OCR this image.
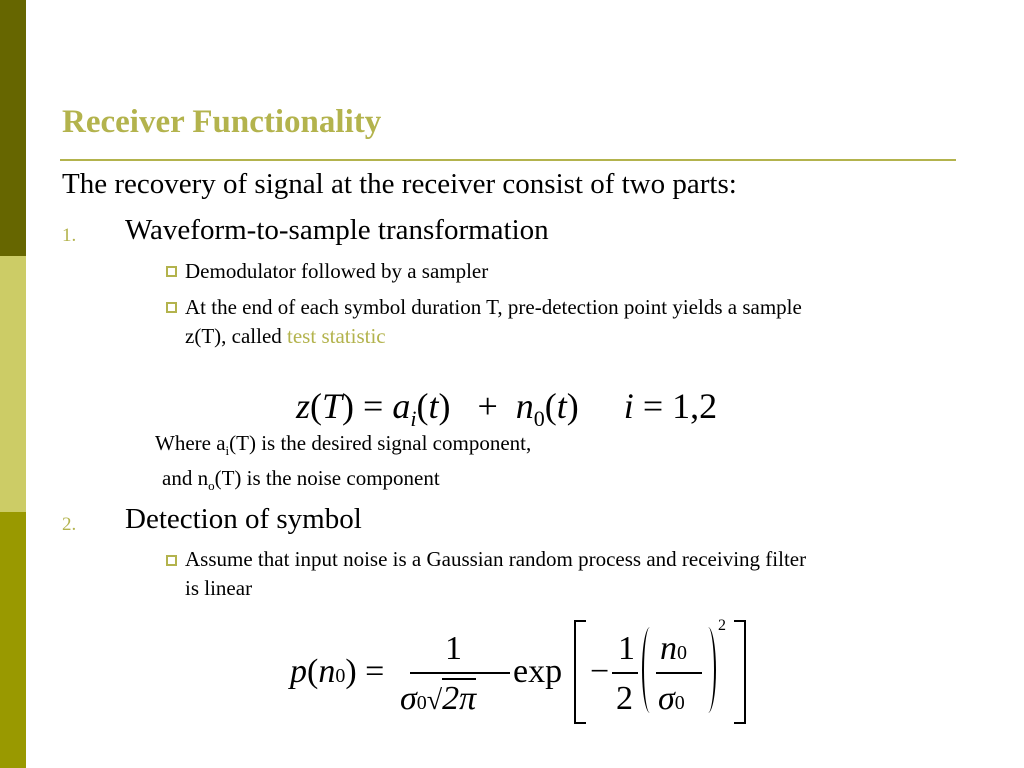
Receiver Functionality
The recovery of signal at the receiver consist of two parts:
1. Waveform-to-sample transformation
Demodulator followed by a sampler
At the end of each symbol duration T, pre-detection point yields a sample
z(T), called test statistic
$z(T) = a_i(t) + n_0(t)$     i = 1,2
Where $a_i(T)$ is the desired signal component,
and $n_o(T)$ is the noise component
2. Detection of symbol
Assume that input noise is a Gaussian random process and receiving filter
is linear
p(n0) =
1
σ0√2π
exp −
1
2
n0
σ0
2
